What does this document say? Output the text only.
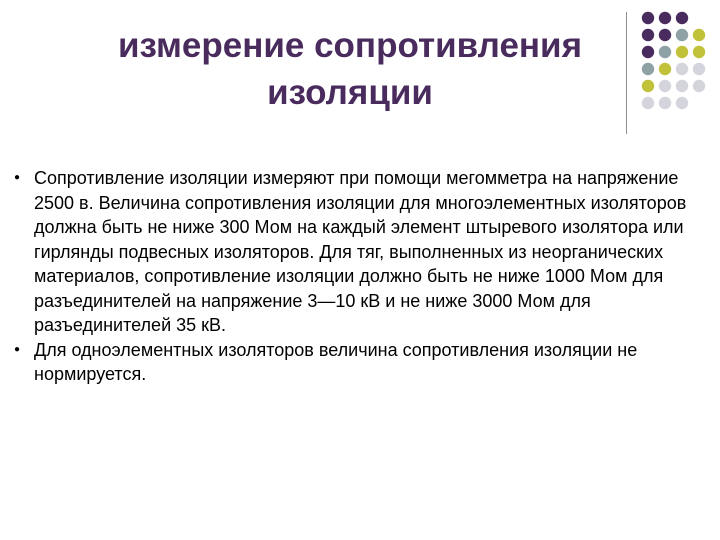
измерение сопротивления
изоляции
● Сопротивление изоляции измеряют при помощи мегомметра на напряжение 2500 в. Величина сопротивления изоляции для многоэлементных изоляторов должна быть не ниже 300 Мом на каждый элемент штыревого изолятора или гирлянды подвесных изоляторов. Для тяг, выполненных из неорганических материалов, сопротивление изоляции должно быть не ниже 1000 Мом для разъединителей на напряжение 3—10 кВ и не ниже 3000 Мом для разъединителей 35 кВ.
● Для одноэлементных изоляторов величина сопротивления изоляции не нормируется.
